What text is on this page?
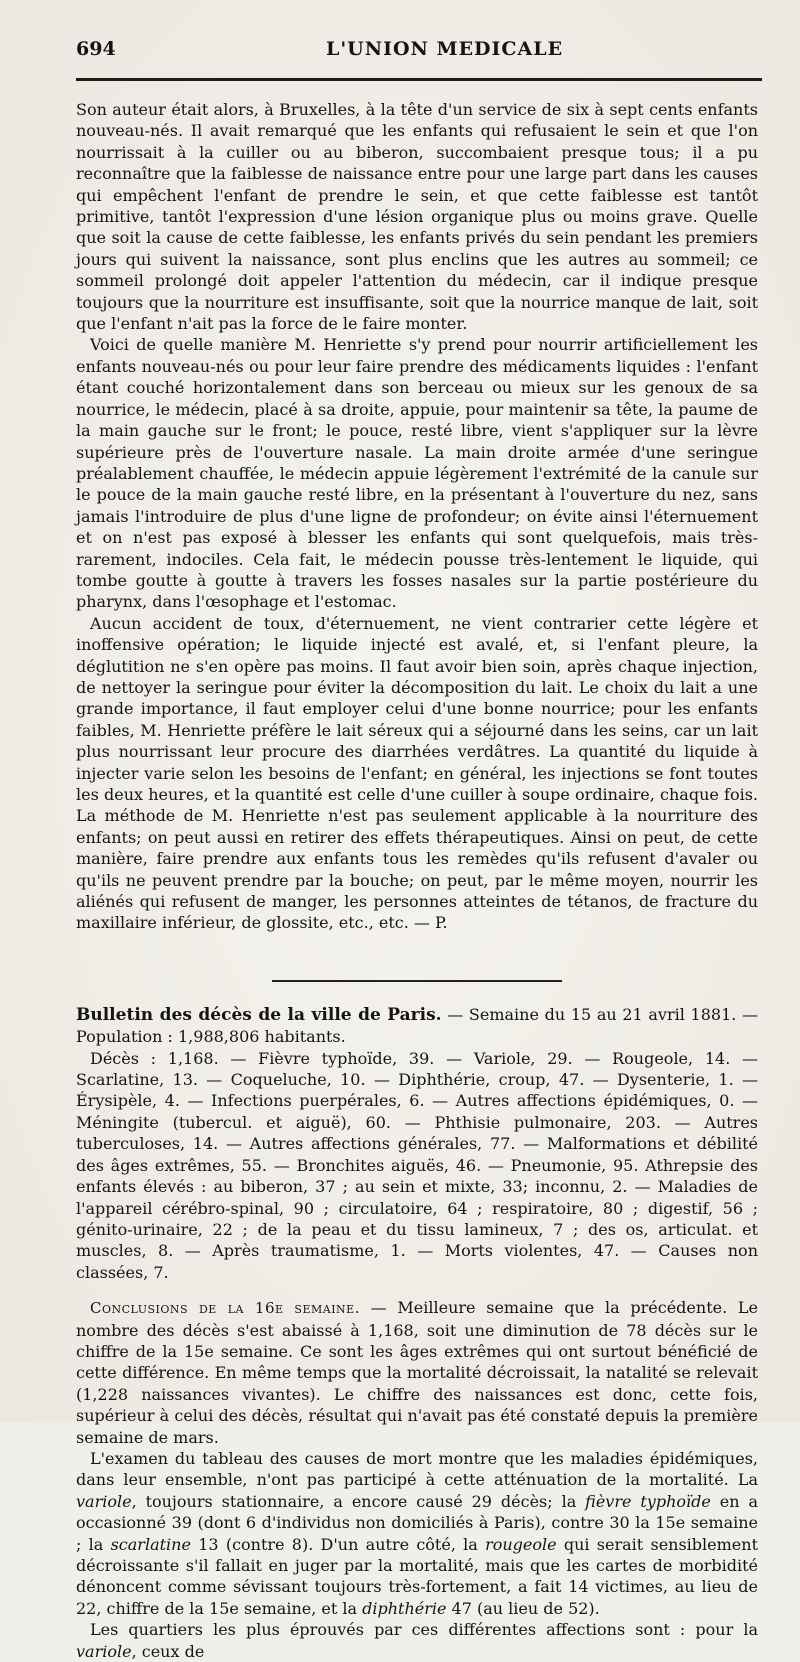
694	L'UNION MEDICALE

Son auteur était alors, à Bruxelles, à la tête d'un service de six à sept cents enfants nouveau-nés. Il avait remarqué que les enfants qui refusaient le sein et que l'on nourrissait à la cuiller ou au biberon, succombaient presque tous; il a pu reconnaître que la faiblesse de naissance entre pour une large part dans les causes qui empêchent l'enfant de prendre le sein, et que cette faiblesse est tantôt primitive, tantôt l'expression d'une lésion organique plus ou moins grave. Quelle que soit la cause de cette faiblesse, les enfants privés du sein pendant les premiers jours qui suivent la naissance, sont plus enclins que les autres au sommeil; ce sommeil prolongé doit appeler l'attention du médecin, car il indique presque toujours que la nourriture est insuffisante, soit que la nourrice manque de lait, soit que l'enfant n'ait pas la force de le faire monter.

Voici de quelle manière M. Henriette s'y prend pour nourrir artificiellement les enfants nouveau-nés ou pour leur faire prendre des médicaments liquides : l'enfant étant couché horizontalement dans son berceau ou mieux sur les genoux de sa nourrice, le médecin, placé à sa droite, appuie, pour maintenir sa tête, la paume de la main gauche sur le front; le pouce, resté libre, vient s'appliquer sur la lèvre supérieure près de l'ouverture nasale. La main droite armée d'une seringue préalablement chauffée, le médecin appuie légèrement l'extrémité de la canule sur le pouce de la main gauche resté libre, en la présentant à l'ouverture du nez, sans jamais l'introduire de plus d'une ligne de profondeur; on évite ainsi l'éternuement et on n'est pas exposé à blesser les enfants qui sont quelquefois, mais très-rarement, indociles. Cela fait, le médecin pousse très-lentement le liquide, qui tombe goutte à goutte à travers les fosses nasales sur la partie postérieure du pharynx, dans l'œsophage et l'estomac.

Aucun accident de toux, d'éternuement, ne vient contrarier cette légère et inoffensive opération; le liquide injecté est avalé, et, si l'enfant pleure, la déglutition ne s'en opère pas moins. Il faut avoir bien soin, après chaque injection, de nettoyer la seringue pour éviter la décomposition du lait. Le choix du lait a une grande importance, il faut employer celui d'une bonne nourrice; pour les enfants faibles, M. Henriette préfère le lait séreux qui a séjourné dans les seins, car un lait plus nourrissant leur procure des diarrhées verdâtres. La quantité du liquide à injecter varie selon les besoins de l'enfant; en général, les injections se font toutes les deux heures, et la quantité est celle d'une cuiller à soupe ordinaire, chaque fois. La méthode de M. Henriette n'est pas seulement applicable à la nourriture des enfants; on peut aussi en retirer des effets thérapeutiques. Ainsi on peut, de cette manière, faire prendre aux enfants tous les remèdes qu'ils refusent d'avaler ou qu'ils ne peuvent prendre par la bouche; on peut, par le même moyen, nourrir les aliénés qui refusent de manger, les personnes atteintes de tétanos, de fracture du maxillaire inférieur, de glossite, etc., etc. — P.

Bulletin des décès de la ville de Paris. — Semaine du 15 au 21 avril 1881. — Population : 1,988,806 habitants.

Décès : 1,168. — Fièvre typhoïde, 39. — Variole, 29. — Rougeole, 14. — Scarlatine, 13. — Coqueluche, 10. — Diphthérie, croup, 47. — Dysenterie, 1. — Érysipèle, 4. — Infections puerpérales, 6. — Autres affections épidémiques, 0. — Méningite (tubercul. et aiguë), 60. — Phthisie pulmonaire, 203. — Autres tuberculoses, 14. — Autres affections générales, 77. — Malformations et débilité des âges extrêmes, 55. — Bronchites aiguës, 46. — Pneumonie, 95. Athrepsie des enfants élevés : au biberon, 37 ; au sein et mixte, 33; inconnu, 2. — Maladies de l'appareil cérébro-spinal, 90 ; circulatoire, 64 ; respiratoire, 80 ; digestif, 56 ; génito-urinaire, 22 ; de la peau et du tissu lamineux, 7 ; des os, articulat. et muscles, 8. — Après traumatisme, 1. — Morts violentes, 47. — Causes non classées, 7.

Conclusions de la 16e semaine. — Meilleure semaine que la précédente. Le nombre des décès s'est abaissé à 1,168, soit une diminution de 78 décès sur le chiffre de la 15e semaine. Ce sont les âges extrêmes qui ont surtout bénéficié de cette différence. En même temps que la mortalité décroissait, la natalité se relevait (1,228 naissances vivantes). Le chiffre des naissances est donc, cette fois, supérieur à celui des décès, résultat qui n'avait pas été constaté depuis la première semaine de mars.

L'examen du tableau des causes de mort montre que les maladies épidémiques, dans leur ensemble, n'ont pas participé à cette atténuation de la mortalité. La variole, toujours stationnaire, a encore causé 29 décès; la fièvre typhoïde en a occasionné 39 (dont 6 d'individus non domiciliés à Paris), contre 30 la 15e semaine ; la scarlatine 13 (contre 8). D'un autre côté, la rougeole qui serait sensiblement décroissante s'il fallait en juger par la mortalité, mais que les cartes de morbidité dénoncent comme sévissant toujours très-fortement, a fait 14 victimes, au lieu de 22, chiffre de la 15e semaine, et la diphthérie 47 (au lieu de 52).

Les quartiers les plus éprouvés par ces différentes affections sont : pour la variole, ceux de
